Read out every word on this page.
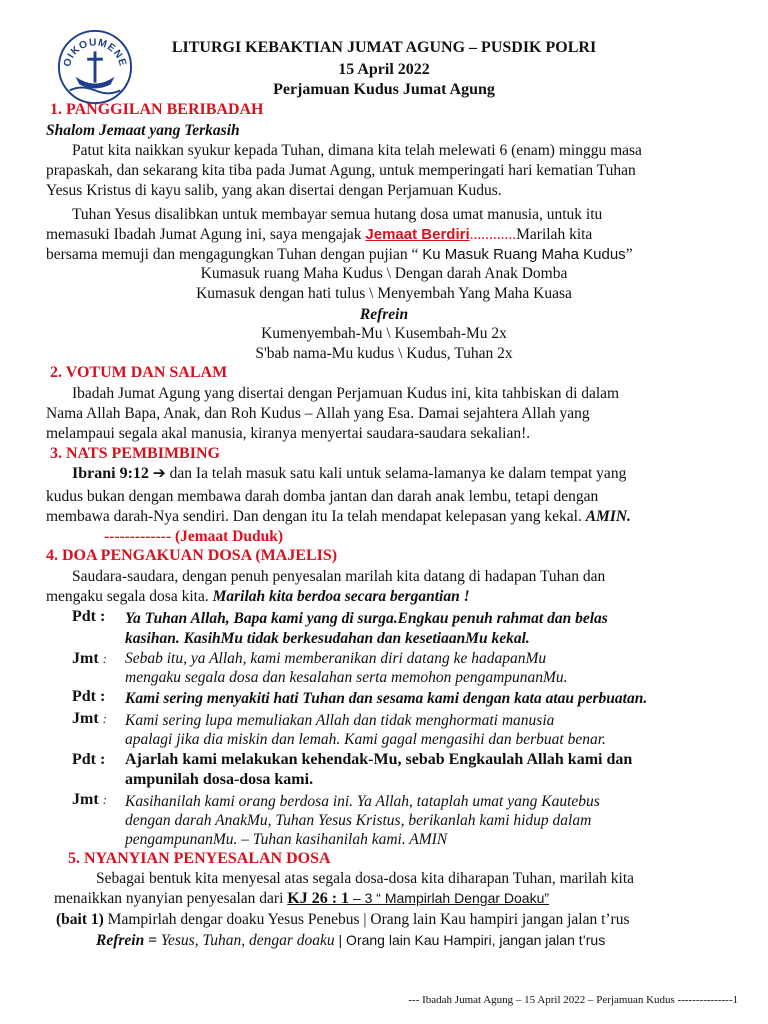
OIKOUMENE
LITURGI KEBAKTIAN JUMAT AGUNG – PUSDIK POLRI
15 April 2022
Perjamuan Kudus Jumat Agung
1. PANGGILAN BERIBADAH
Shalom Jemaat yang Terkasih
Patut kita naikkan syukur kepada Tuhan, dimana kita telah melewati 6 (enam) minggu masa
prapaskah, dan sekarang kita tiba pada Jumat Agung, untuk memperingati hari kematian Tuhan
Yesus Kristus di kayu salib, yang akan disertai dengan Perjamuan Kudus.
Tuhan Yesus disalibkan untuk membayar semua hutang dosa umat manusia, untuk itu
memasuki Ibadah Jumat Agung ini, saya mengajak Jemaat Berdiri............Marilah kita
bersama memuji dan mengagungkan Tuhan dengan pujian “ Ku Masuk Ruang Maha Kudus”
Kumasuk ruang Maha Kudus \ Dengan darah Anak Domba
Kumasuk dengan hati tulus \ Menyembah Yang Maha Kuasa
Refrein
Kumenyembah-Mu \ Kusembah-Mu 2x
S'bab nama-Mu kudus \ Kudus, Tuhan 2x
2. VOTUM DAN SALAM
Ibadah Jumat Agung yang disertai dengan Perjamuan Kudus ini, kita tahbiskan di dalam
Nama Allah Bapa, Anak, dan Roh Kudus – Allah yang Esa. Damai sejahtera Allah yang
melampaui segala akal manusia, kiranya menyertai saudara-saudara sekalian!.
3. NATS PEMBIMBING
Ibrani 9:12 ➔ dan Ia telah masuk satu kali untuk selama-lamanya ke dalam tempat yang
kudus bukan dengan membawa darah domba jantan dan darah anak lembu, tetapi dengan
membawa darah-Nya sendiri. Dan dengan itu Ia telah mendapat kelepasan yang kekal. AMIN.
------------- (Jemaat Duduk)
4. DOA PENGAKUAN DOSA (MAJELIS)
Saudara-saudara, dengan penuh penyesalan marilah kita datang di hadapan Tuhan dan
mengaku segala dosa kita. Marilah kita berdoa secara bergantian !
Pdt : Ya Tuhan Allah, Bapa kami yang di surga.Engkau penuh rahmat dan belas
kasihan. KasihMu tidak berkesudahan dan kesetiaanMu kekal.
Jmt : Sebab itu, ya Allah, kami memberanikan diri datang ke hadapanMu
mengaku segala dosa dan kesalahan serta memohon pengampunanMu.
Pdt : Kami sering menyakiti hati Tuhan dan sesama kami dengan kata atau perbuatan.
Jmt : Kami sering lupa memuliakan Allah dan tidak menghormati manusia
apalagi jika dia miskin dan lemah. Kami gagal mengasihi dan berbuat benar.
Pdt : Ajarlah kami melakukan kehendak-Mu, sebab Engkaulah Allah kami dan
ampunilah dosa-dosa kami.
Jmt : Kasihanilah kami orang berdosa ini. Ya Allah, tataplah umat yang Kautebus
dengan darah AnakMu, Tuhan Yesus Kristus, berikanlah kami hidup dalam
pengampunanMu. – Tuhan kasihanilah kami. AMIN
5. NYANYIAN PENYESALAN DOSA
Sebagai bentuk kita menyesal atas segala dosa-dosa kita diharapan Tuhan, marilah kita
menaikkan nyanyian penyesalan dari KJ 26 : 1 – 3 “ Mampirlah Dengar Doaku”
(bait 1) Mampirlah dengar doaku Yesus Penebus | Orang lain Kau hampiri jangan jalan t’rus
Refrein = Yesus, Tuhan, dengar doaku | Orang lain Kau Hampiri, jangan jalan t’rus
--- Ibadah Jumat Agung – 15 April 2022 – Perjamuan Kudus ---------------1
